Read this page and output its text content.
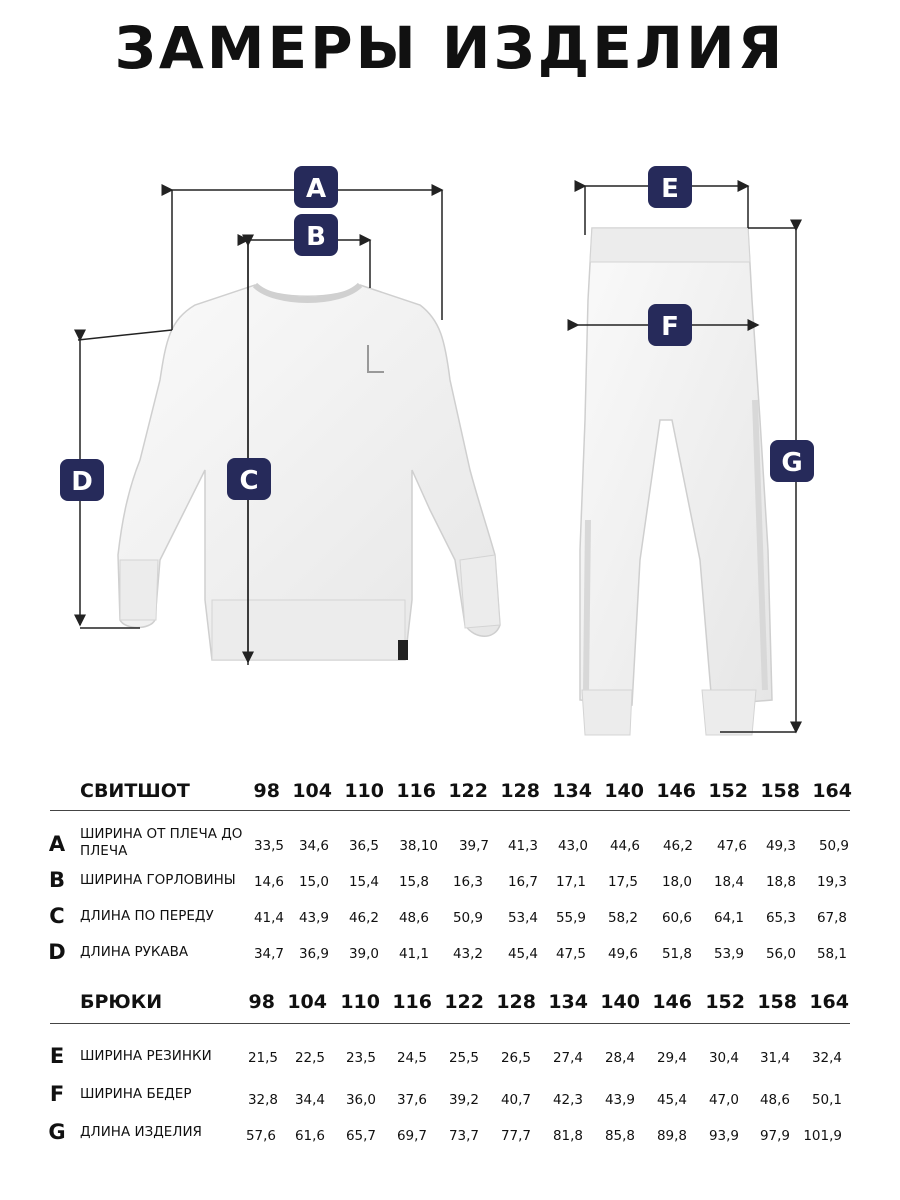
ЗАМЕРЫ ИЗДЕЛИЯ
A
B
C
D
E
F
G
СВИТШОТ	98 104 110 116 122 128 134 140 146 152 158 164
A ШИРИНА ОТ ПЛЕЧА ДО ПЛЕЧА	33,5	34,6	36,5	38,10	39,7	41,3	43,0	44,6	46,2	47,6	49,3	50,9
B ШИРИНА ГОРЛОВИНЫ	14,6	15,0	15,4	15,8	16,3	16,7	17,1	17,5	18,0	18,4	18,8	19,3
C ДЛИНА ПО ПЕРЕДУ	41,4	43,9	46,2	48,6	50,9	53,4	55,9	58,2	60,6	64,1	65,3	67,8
D ДЛИНА РУКАВА	34,7	36,9	39,0	41,1	43,2	45,4	47,5	49,6	51,8	53,9	56,0	58,1
БРЮКИ	98 104 110 116 122 128 134 140 146 152 158 164
E ШИРИНА РЕЗИНКИ	21,5	22,5	23,5	24,5	25,5	26,5	27,4	28,4	29,4	30,4	31,4	32,4
F ШИРИНА БЕДЕР	32,8	34,4	36,0	37,6	39,2	40,7	42,3	43,9	45,4	47,0	48,6	50,1
G ДЛИНА ИЗДЕЛИЯ	57,6	61,6	65,7	69,7	73,7	77,7	81,8	85,8	89,8	93,9	97,9 101,9
